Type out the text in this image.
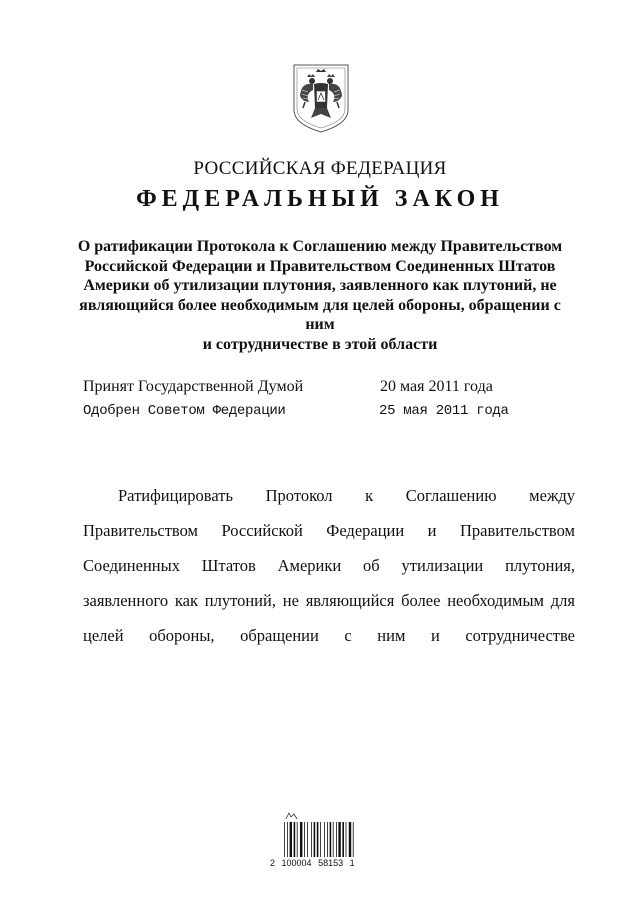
РОССИЙСКАЯ ФЕДЕРАЦИЯ
ФЕДЕРАЛЬНЫЙ ЗАКОН
О ратификации Протокола к Соглашению между Правительством
Российской Федерации и Правительством Соединенных Штатов
Америки об утилизации плутония, заявленного как плутоний, не
являющийся более необходимым для целей обороны, обращении с ним
и сотрудничестве в этой области
Принят Государственной Думой	20 мая 2011 года
Одобрен Советом Федерации	25 мая 2011 года
Ратифицировать Протокол к Соглашению между Правительством Российской Федерации и Правительством Соединенных Штатов Америки об утилизации плутония, заявленного как плутоний, не являющийся более необходимым для целей обороны, обращении с ним и сотрудничестве
2 100004 58153 1
